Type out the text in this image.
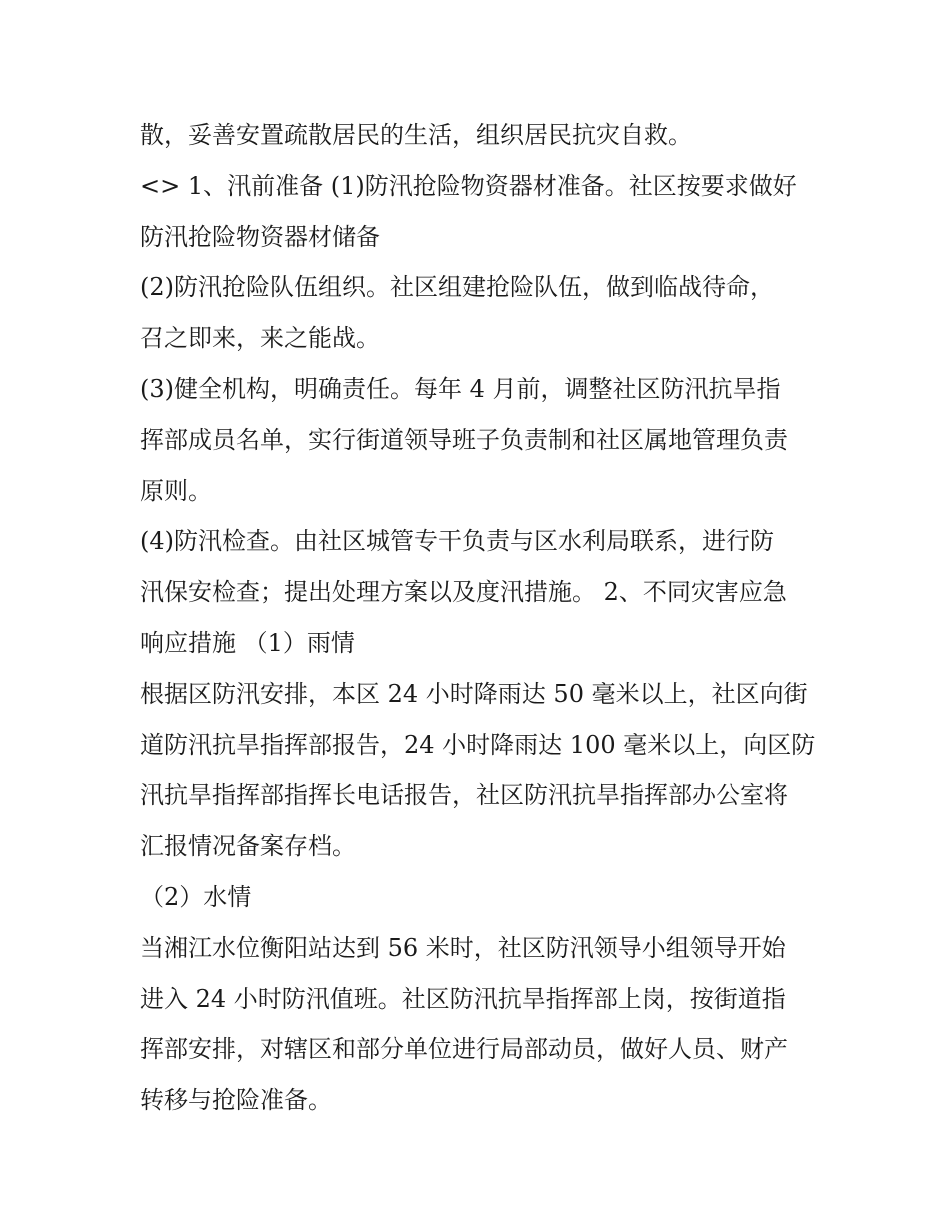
散，妥善安置疏散居民的生活，组织居民抗灾自救。
<> 1、汛前准备 (1)防汛抢险物资器材准备。社区按要求做好
防汛抢险物资器材储备
(2)防汛抢险队伍组织。社区组建抢险队伍，做到临战待命，
召之即来，来之能战。
(3)健全机构，明确责任。每年 4 月前，调整社区防汛抗旱指
挥部成员名单，实行街道领导班子负责制和社区属地管理负责
原则。
(4)防汛检查。由社区城管专干负责与区水利局联系，进行防
汛保安检查；提出处理方案以及度汛措施。 2、不同灾害应急
响应措施 （1）雨情
根据区防汛安排，本区 24 小时降雨达 50 毫米以上，社区向街
道防汛抗旱指挥部报告，24 小时降雨达 100 毫米以上，向区防
汛抗旱指挥部指挥长电话报告，社区防汛抗旱指挥部办公室将
汇报情况备案存档。
（2）水情
当湘江水位衡阳站达到 56 米时，社区防汛领导小组领导开始
进入 24 小时防汛值班。社区防汛抗旱指挥部上岗，按街道指
挥部安排，对辖区和部分单位进行局部动员，做好人员、财产
转移与抢险准备。
